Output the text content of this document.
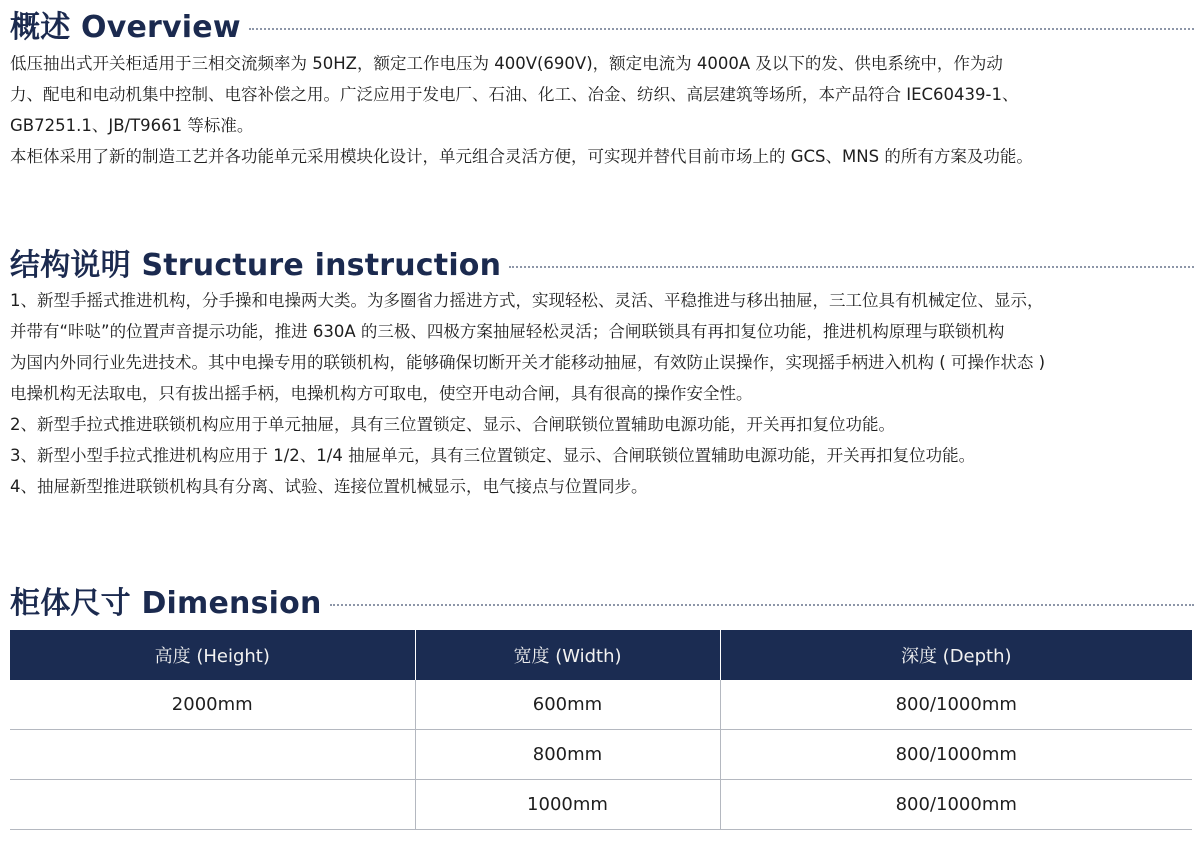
概述 Overview

低压抽出式开关柜适用于三相交流频率为 50HZ，额定工作电压为 400V(690V)，额定电流为 4000A 及以下的发、供电系统中，作为动
力、配电和电动机集中控制、电容补偿之用。广泛应用于发电厂、石油、化工、冶金、纺织、高层建筑等场所，本产品符合 IEC60439-1、
GB7251.1、JB/T9661 等标准。
本柜体采用了新的制造工艺并各功能单元采用模块化设计，单元组合灵活方便，可实现并替代目前市场上的 GCS、MNS 的所有方案及功能。

结构说明 Structure instruction

1、新型手摇式推进机构，分手操和电操两大类。为多圈省力摇进方式，实现轻松、灵活、平稳推进与移出抽屉，三工位具有机械定位、显示，
并带有“咔哒”的位置声音提示功能，推进 630A 的三极、四极方案抽屉轻松灵活；合闸联锁具有再扣复位功能，推进机构原理与联锁机构
为国内外同行业先进技术。其中电操专用的联锁机构，能够确保切断开关才能移动抽屉，有效防止误操作，实现摇手柄进入机构 ( 可操作状态 )
电操机构无法取电，只有拔出摇手柄，电操机构方可取电，使空开电动合闸，具有很高的操作安全性。
2、新型手拉式推进联锁机构应用于单元抽屉，具有三位置锁定、显示、合闸联锁位置辅助电源功能，开关再扣复位功能。
3、新型小型手拉式推进机构应用于 1/2、1/4 抽屉单元，具有三位置锁定、显示、合闸联锁位置辅助电源功能，开关再扣复位功能。
4、抽屉新型推进联锁机构具有分离、试验、连接位置机械显示，电气接点与位置同步。

柜体尺寸 Dimension
高度 (Height)	宽度 (Width)	深度 (Depth)
2000mm	600mm	800/1000mm
	800mm	800/1000mm
	1000mm	800/1000mm
